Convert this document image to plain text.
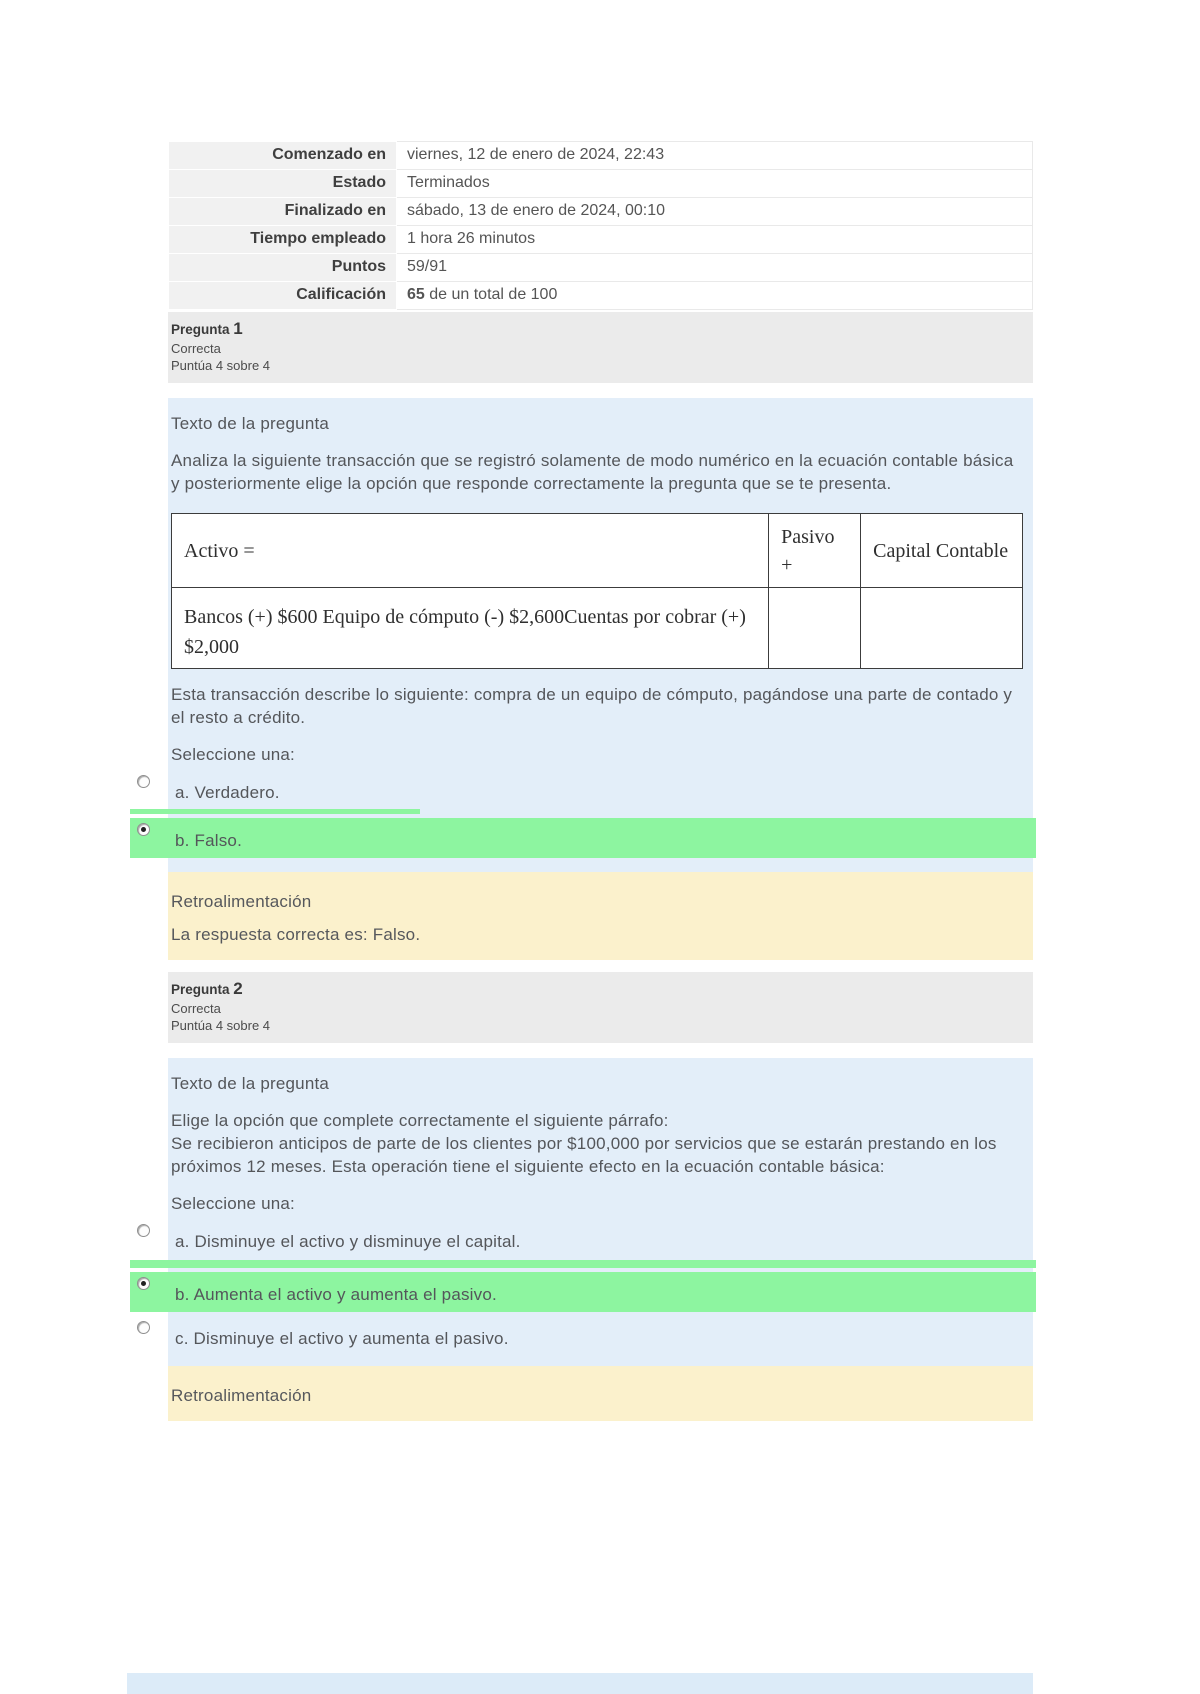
Comenzado en	viernes, 12 de enero de 2024, 22:43
Estado	Terminados
Finalizado en	sábado, 13 de enero de 2024, 00:10
Tiempo empleado	1 hora 26 minutos
Puntos	59/91
Calificación	65 de un total de 100
Pregunta 1
Correcta
Puntúa 4 sobre 4

Texto de la pregunta

Analiza la siguiente transacción que se registró solamente de modo numérico en la ecuación contable básica y posteriormente elige la opción que responde correctamente la pregunta que se te presenta.

Activo =	Pasivo +	Capital Contable
Bancos (+) $600 Equipo de cómputo (-) $2,600Cuentas por cobrar (+) $2,000		

Esta transacción describe lo siguiente: compra de un equipo de cómputo, pagándose una parte de contado y el resto a crédito.

Seleccione una:

a. Verdadero.
b. Falso.

Retroalimentación

La respuesta correcta es: Falso.

Pregunta 2
Correcta
Puntúa 4 sobre 4

Texto de la pregunta

Elige la opción que complete correctamente el siguiente párrafo:
Se recibieron anticipos de parte de los clientes por $100,000 por servicios que se estarán prestando en los próximos 12 meses. Esta operación tiene el siguiente efecto en la ecuación contable básica:

Seleccione una:

a. Disminuye el activo y disminuye el capital.
b. Aumenta el activo y aumenta el pasivo.
c. Disminuye el activo y aumenta el pasivo.

Retroalimentación
